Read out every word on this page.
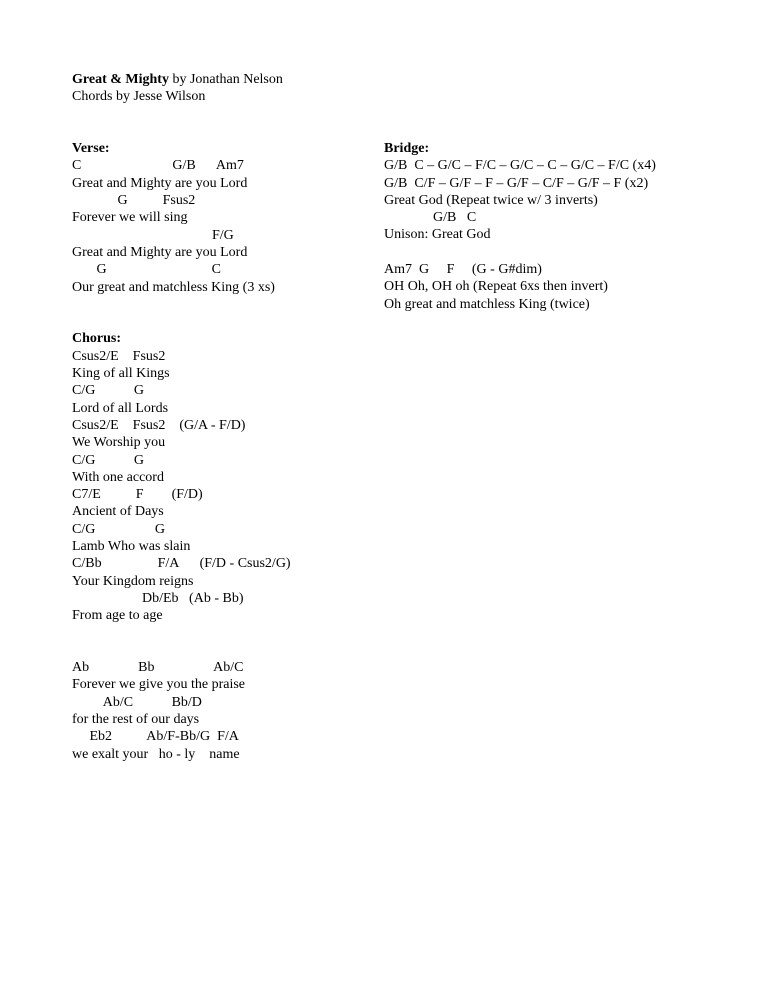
Great & Mighty by Jonathan Nelson
Chords by Jesse Wilson
Verse:
C                          G/B      Am7
Great and Mighty are you Lord
G          Fsus2
Forever we will sing
F/G
Great and Mighty are you Lord
G                              C
Our great and matchless King (3 xs)
Chorus:
Csus2/E    Fsus2
King of all Kings
C/G           G
Lord of all Lords
Csus2/E    Fsus2    (G/A - F/D)
We Worship you
C/G           G
With one accord
C7/E          F        (F/D)
Ancient of Days
C/G                 G
Lamb Who was slain
C/Bb                F/A      (F/D - Csus2/G)
Your Kingdom reigns
Db/Eb   (Ab - Bb)
From age to age
Ab              Bb                 Ab/C
Forever we give you the praise
Ab/C           Bb/D
for the rest of our days
Eb2          Ab/F-Bb/G  F/A
we exalt your   ho - ly    name
Bridge:
G/B  C – G/C – F/C – G/C – C – G/C – F/C (x4)
G/B  C/F – G/F – F – G/F – C/F – G/F – F (x2)
Great God (Repeat twice w/ 3 inverts)
G/B   C
Unison: Great God
Am7  G     F     (G - G#dim)
OH Oh, OH oh (Repeat 6xs then invert)
Oh great and matchless King (twice)
